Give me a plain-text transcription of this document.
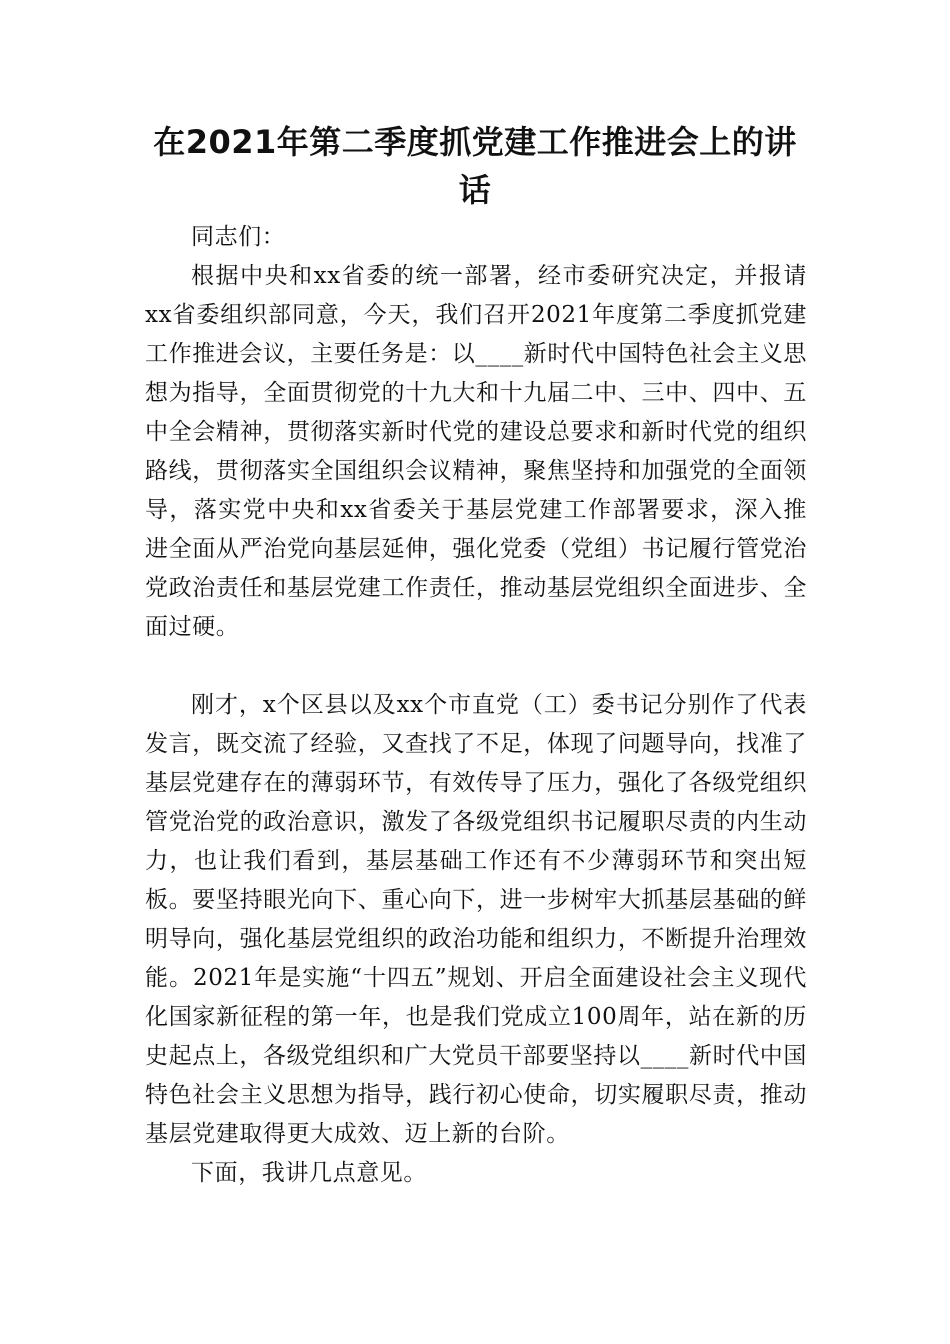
在2021年第二季度抓党建工作推进会上的讲话

同志们：

根据中央和xx省委的统一部署，经市委研究决定，并报请xx省委组织部同意，今天，我们召开2021年度第二季度抓党建工作推进会议，主要任务是：以____新时代中国特色社会主义思想为指导，全面贯彻党的十九大和十九届二中、三中、四中、五中全会精神，贯彻落实新时代党的建设总要求和新时代党的组织路线，贯彻落实全国组织会议精神，聚焦坚持和加强党的全面领导，落实党中央和xx省委关于基层党建工作部署要求，深入推进全面从严治党向基层延伸，强化党委（党组）书记履行管党治党政治责任和基层党建工作责任，推动基层党组织全面进步、全面过硬。

刚才，x个区县以及xx个市直党（工）委书记分别作了代表发言，既交流了经验，又查找了不足，体现了问题导向，找准了基层党建存在的薄弱环节，有效传导了压力，强化了各级党组织管党治党的政治意识，激发了各级党组织书记履职尽责的内生动力，也让我们看到，基层基础工作还有不少薄弱环节和突出短板。要坚持眼光向下、重心向下，进一步树牢大抓基层基础的鲜明导向，强化基层党组织的政治功能和组织力，不断提升治理效能。2021年是实施“十四五”规划、开启全面建设社会主义现代化国家新征程的第一年，也是我们党成立100周年，站在新的历史起点上，各级党组织和广大党员干部要坚持以____新时代中国特色社会主义思想为指导，践行初心使命，切实履职尽责，推动基层党建取得更大成效、迈上新的台阶。

下面，我讲几点意见。
